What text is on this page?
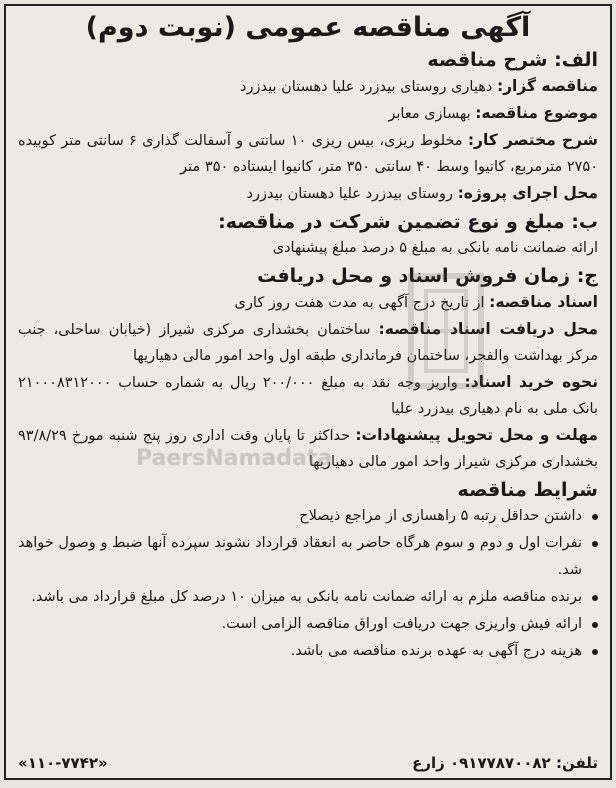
آگهی مناقصه عمومی (نوبت دوم)
الف: شرح مناقصه

مناقصه گزار: دهیاری روستای بیدزرد علیا دهستان بیدزرد

موضوع مناقصه: بهسازی معابر

شرح مختصر کار: مخلوط ریزی، بیس ریزی ۱۰ سانتی و آسفالت گذاری ۶ سانتی متر کوبیده ۲۷۵۰ مترمربع، کانیوا وسط ۴۰ سانتی ۳۵۰ متر، کانیوا ایستاده ۳۵۰ متر

محل اجرای پروژه: روستای بیدزرد علیا دهستان بیدزرد

ب: مبلغ و نوع تضمین شرکت در مناقصه:

ارائه ضمانت نامه بانکی به مبلغ ۵ درصد مبلغ پیشنهادی

ج: زمان فروش اسناد و محل دریافت

اسناد مناقصه: از تاریخ درج آگهی به مدت هفت روز کاری

محل دریافت اسناد مناقصه: ساختمان بخشداری مرکزی شیراز (خیابان ساحلی، جنب مرکز بهداشت والفجر، ساختمان فرمانداری طبقه اول واحد امور مالی دهیاریها

نحوه خرید اسناد: واریز وجه نقد به مبلغ ۲۰۰/۰۰۰ ریال به شماره حساب ۲۱۰۰۰۸۳۱۲۰۰۰ بانک ملی به نام دهیاری بیدزرد علیا

مهلت و محل تحویل پیشنهادات: حداکثر تا پایان وقت اداری روز پنج شنبه مورخ ۹۳/۸/۲۹ بخشداری مرکزی شیراز واحد امور مالی دهیاریها

شرایط مناقصه
داشتن حداقل رتبه ۵ راهسازی از مراجع ذیصلاح
نفرات اول و دوم و سوم هرگاه حاضر به انعقاد قرارداد نشوند سپرده آنها ضبط و وصول خواهد شد.
برنده مناقصه ملزم به ارائه ضمانت نامه بانکی به میزان ۱۰ درصد کل مبلغ قرارداد می باشد.
ارائه فیش واریزی جهت دریافت اوراق مناقصه الزامی است.
هزینه درج آگهی به عهده برنده مناقصه می باشد.
تلفن: ۰۹۱۷۷۸۷۰۰۸۲ زارع
«۱۱۰-۷۷۴۲»
PaersNamadata
